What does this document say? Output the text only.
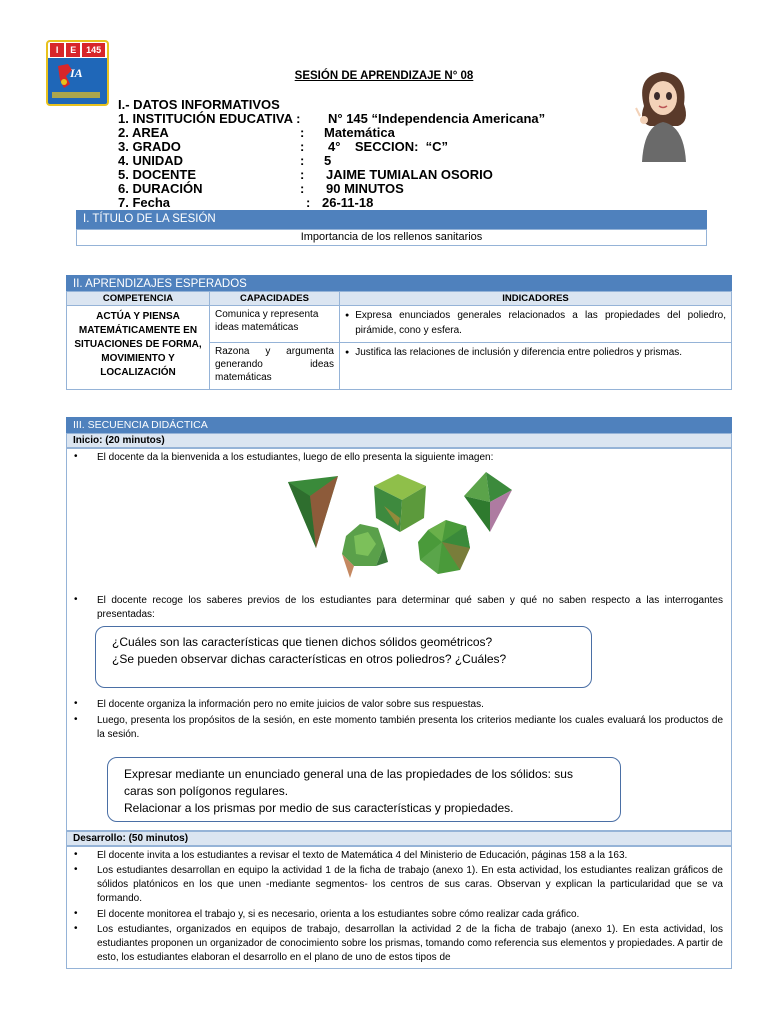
I	E	145
IA	SESIÓN DE APRENDIZAJE N° 08
I.- DATOS INFORMATIVOS
1. INSTITUCIÓN EDUCATIVA : N° 145 “Independencia Americana”
2. AREA	: Matemática
3. GRADO	: 4°    SECCION:  “C”
4. UNIDAD	: 5
5. DOCENTE	: JAIME TUMIALAN OSORIO
6. DURACIÓN	: 90 MINUTOS
7. Fecha	: 26-11-18
I. TÍTULO DE LA SESIÓN
Importancia de los rellenos sanitarios
II. APRENDIZAJES ESPERADOS
COMPETENCIA	CAPACIDADES	INDICADORES
ACTÚA Y PIENSA MATEMÁTICAMENTE EN SITUACIONES DE FORMA, MOVIMIENTO Y LOCALIZACIÓN	Comunica y representa ideas matemáticas	● Expresa enunciados generales relacionados a las propiedades del poliedro, pirámide, cono y esfera.

	Razona y argumenta generando ideas matemáticas	● Justifica las relaciones de inclusión y diferencia entre poliedros y prismas.
III. SECUENCIA DIDÁCTICA
Inicio: (20 minutos)
• El docente da la bienvenida a los estudiantes, luego de ello presenta la siguiente imagen:
• El docente recoge los saberes previos de los estudiantes para determinar qué saben y qué no saben respecto a las interrogantes presentadas:
¿Cuáles son las características que tienen dichos sólidos geométricos?
¿Se pueden observar dichas características en otros poliedros? ¿Cuáles?
• El docente organiza la información pero no emite juicios de valor sobre sus respuestas.
• Luego, presenta los propósitos de la sesión, en este momento también presenta los criterios mediante los cuales evaluará los productos de la sesión.
Expresar mediante un enunciado general una de las propiedades de los sólidos: sus caras son polígonos regulares.
Relacionar a los prismas por medio de sus características y propiedades.
Desarrollo: (50 minutos)
• El docente invita a los estudiantes a revisar el texto de Matemática 4 del Ministerio de Educación, páginas 158 a la 163.
• Los estudiantes desarrollan en equipo la actividad 1 de la ficha de trabajo (anexo 1). En esta actividad, los estudiantes realizan gráficos de sólidos platónicos en los que unen -mediante segmentos- los centros de sus caras. Observan y explican la particularidad que se va formando.
• El docente monitorea el trabajo y, si es necesario, orienta a los estudiantes sobre cómo realizar cada gráfico.
• Los estudiantes, organizados en equipos de trabajo, desarrollan la actividad 2 de la ficha de trabajo (anexo 1). En esta actividad, los estudiantes proponen un organizador de conocimiento sobre los prismas, tomando como referencia sus elementos y propiedades. A partir de esto, los estudiantes elaboran el desarrollo en el plano de uno de estos tipos de
